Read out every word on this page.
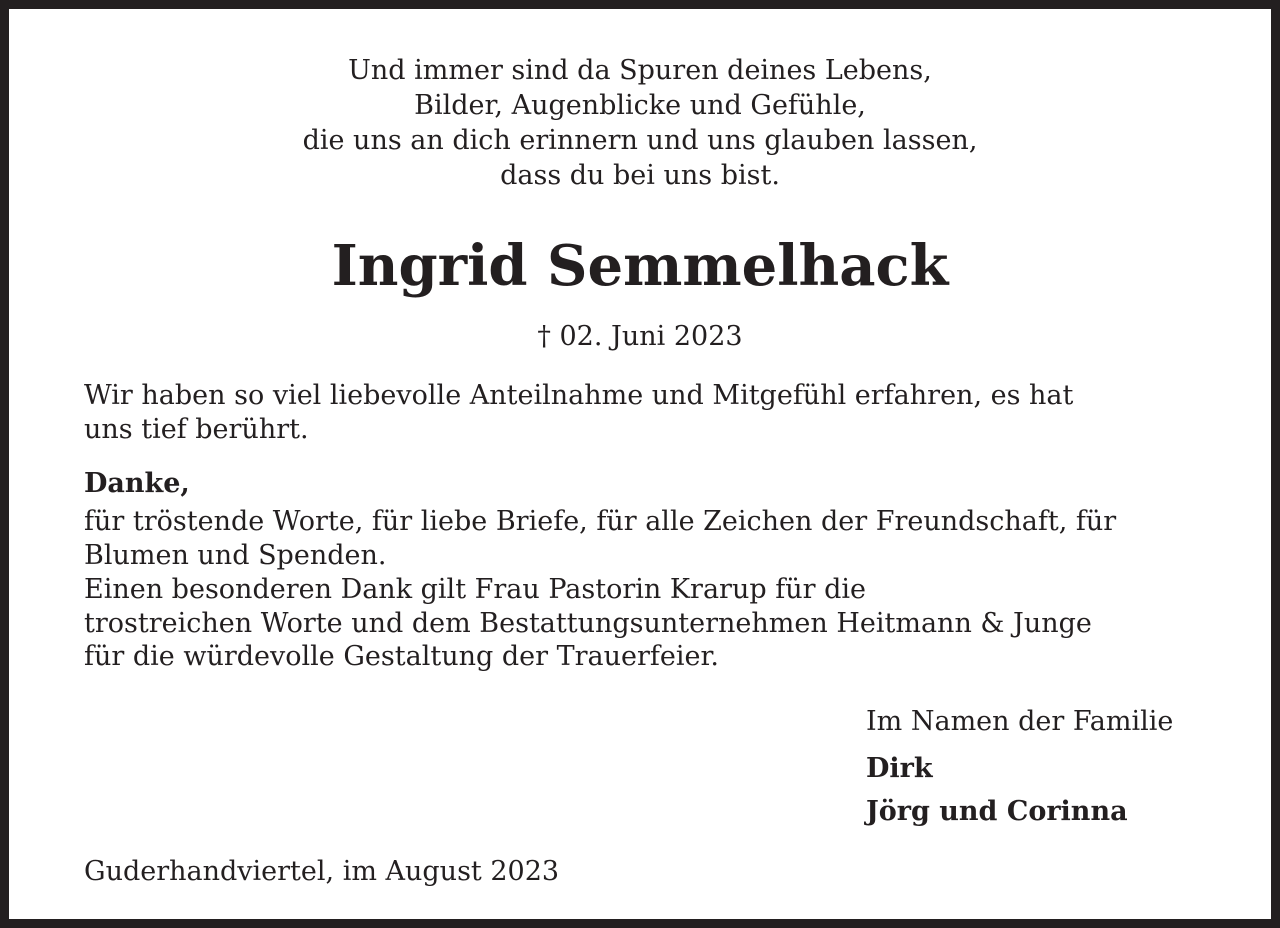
Und immer sind da Spuren deines Lebens,
Bilder, Augenblicke und Gefühle,
die uns an dich erinnern und uns glauben lassen,
dass du bei uns bist.

Ingrid Semmelhack
† 02. Juni 2023

Wir haben so viel liebevolle Anteilnahme und Mitgefühl erfahren, es hat
uns tief berührt.

Danke,

für tröstende Worte, für liebe Briefe, für alle Zeichen der Freundschaft, für
Blumen und Spenden.

Einen besonderen Dank gilt Frau Pastorin Krarup für die
trostreichen Worte und dem Bestattungsunternehmen Heitmann & Junge
für die würdevolle Gestaltung der Trauerfeier.

Im Namen der Familie
Dirk
Jörg und Corinna
Guderhandviertel, im August 2023
